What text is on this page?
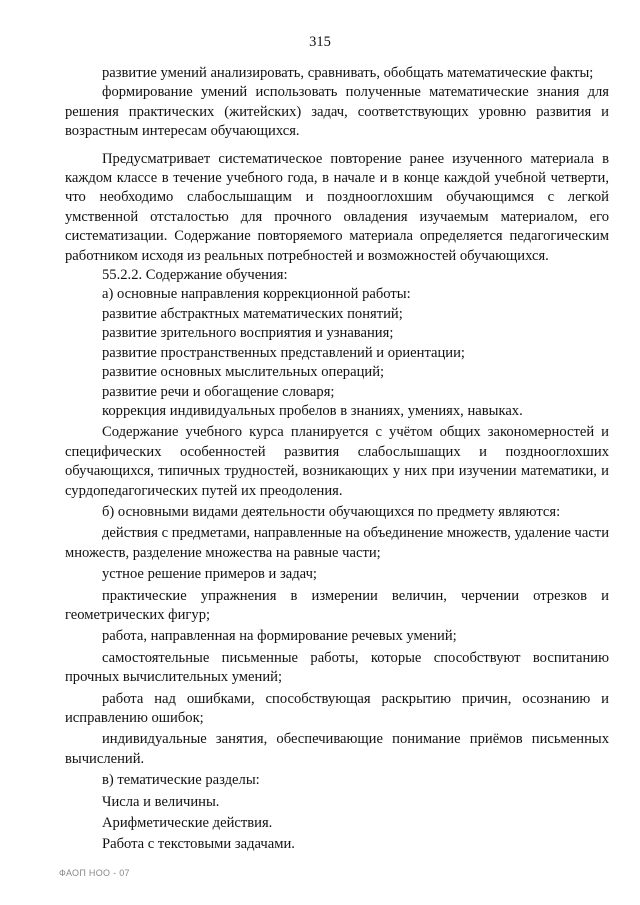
315

развитие умений анализировать, сравнивать, обобщать математические факты;

формирование умений использовать полученные математические знания для решения практических (житейских) задач, соответствующих уровню развития и возрастным интересам обучающихся.

Предусматривает систематическое повторение ранее изученного материала в каждом классе в течение учебного года, в начале и в конце каждой учебной четверти, что необходимо слабослышащим и позднооглохшим обучающимся с легкой умственной отсталостью для прочного овладения изучаемым материалом, его систематизации. Содержание повторяемого материала определяется педагогическим работником исходя из реальных потребностей и возможностей обучающихся.

55.2.2. Содержание обучения:

а) основные направления коррекционной работы:

развитие абстрактных математических понятий;

развитие зрительного восприятия и узнавания;

развитие пространственных представлений и ориентации;

развитие основных мыслительных операций;

развитие речи и обогащение словаря;

коррекция индивидуальных пробелов в знаниях, умениях, навыках.

Содержание учебного курса планируется с учётом общих закономерностей и специфических особенностей развития слабослышащих и позднооглохших обучающихся, типичных трудностей, возникающих у них при изучении математики, и сурдопедагогических путей их преодоления.

б) основными видами деятельности обучающихся по предмету являются:

действия с предметами, направленные на объединение множеств, удаление части множеств, разделение множества на равные части;

устное решение примеров и задач;

практические упражнения в измерении величин, черчении отрезков и геометрических фигур;

работа, направленная на формирование речевых умений;

самостоятельные письменные работы, которые способствуют воспитанию прочных вычислительных умений;

работа над ошибками, способствующая раскрытию причин, осознанию и исправлению ошибок;

индивидуальные занятия, обеспечивающие понимание приёмов письменных вычислений.

в) тематические разделы:

Числа и величины.

Арифметические действия.

Работа с текстовыми задачами.

ФАОП НОО - 07
